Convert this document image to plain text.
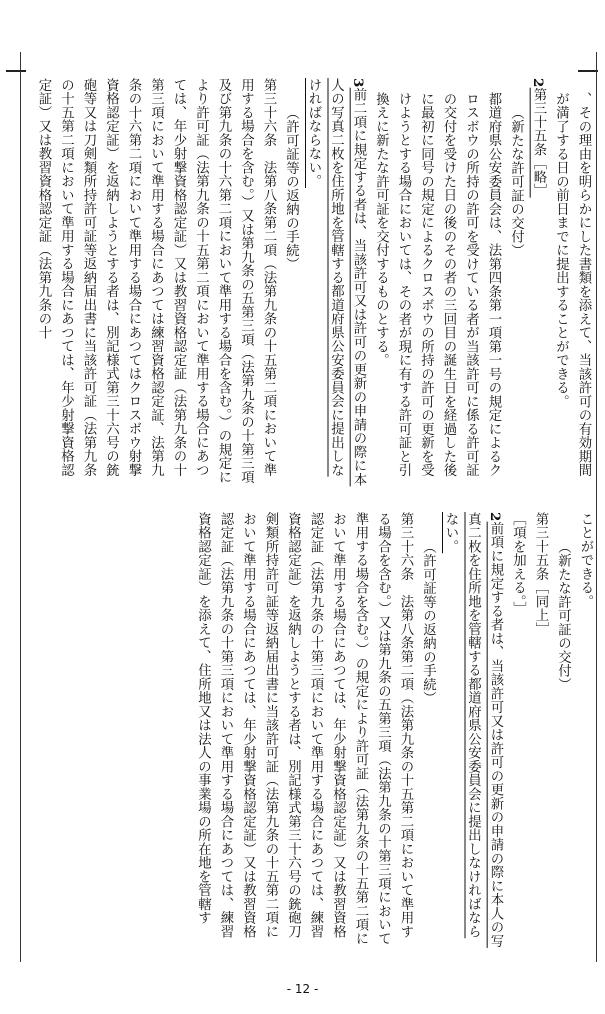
、その理由を明らかにした書類を添えて、当該許可の有効期間が満了する日の前日までに提出することができる。
2第三十五条［略］
（新たな許可証の交付）
都道府県公安委員会は、法第四条第一項第一号の規定によるクロスボウの所持の許可を受けている者が当該許可に係る許可証の交付を受けた日の後のその者の三回目の誕生日を経過した後に最初に同号の規定によるクロスボウの所持の許可の更新を受けようとする場合においては、その者が現に有する許可証と引換えに新たな許可証を交付するものとする。
3前二項に規定する者は、当該許可又は許可の更新の申請の際に本人の写真二枚を住所地を管轄する都道府県公安委員会に提出しなければならない。
（許可証等の返納の手続）
第三十六条　法第八条第二項（法第九条の十五第二項において準用する場合を含む。）又は第九条の五第三項（法第九条の十第三項及び第九条の十六第二項において準用する場合を含む。）の規定により許可証（法第九条の十五第二項において準用する場合にあつては、年少射撃資格認定証）又は教習資格認定証（法第九条の十第三項において準用する場合にあつては練習資格認定証、法第九条の十六第二項において準用する場合にあつてはクロスボウ射撃資格認定証）を返納しようとする者は、別記様式第三十六号の銃砲等又は刀剣類所持許可証等返納届出書に当該許可証（法第九条の十五第二項において準用する場合にあつては、年少射撃資格認定証）又は教習資格認定証（法第九条の十
ことができる。
（新たな許可証の交付）
第三十五条［同上］
［項を加える。］
2前項に規定する者は、当該許可又は許可の更新の申請の際に本人の写真二枚を住所地を管轄する都道府県公安委員会に提出しなければならない。
（許可証等の返納の手続）
第三十六条　法第八条第二項（法第九条の十五第二項において準用する場合を含む。）又は第九条の五第三項（法第九条の十第三項において準用する場合を含む。）の規定により許可証（法第九条の十五第二項において準用する場合にあつては、年少射撃資格認定証）又は教習資格認定証（法第九条の十第三項において準用する場合にあつては、練習資格認定証）を返納しようとする者は、別記様式第三十六号の銃砲刀剣類所持許可証等返納届出書に当該許可証（法第九条の十五第二項において準用する場合にあつては、年少射撃資格認定証）又は教習資格認定証（法第九条の十第三項において準用する場合にあつては、練習資格認定証）を添えて、住所地又は法人の事業場の所在地を管轄す
- 12 -
